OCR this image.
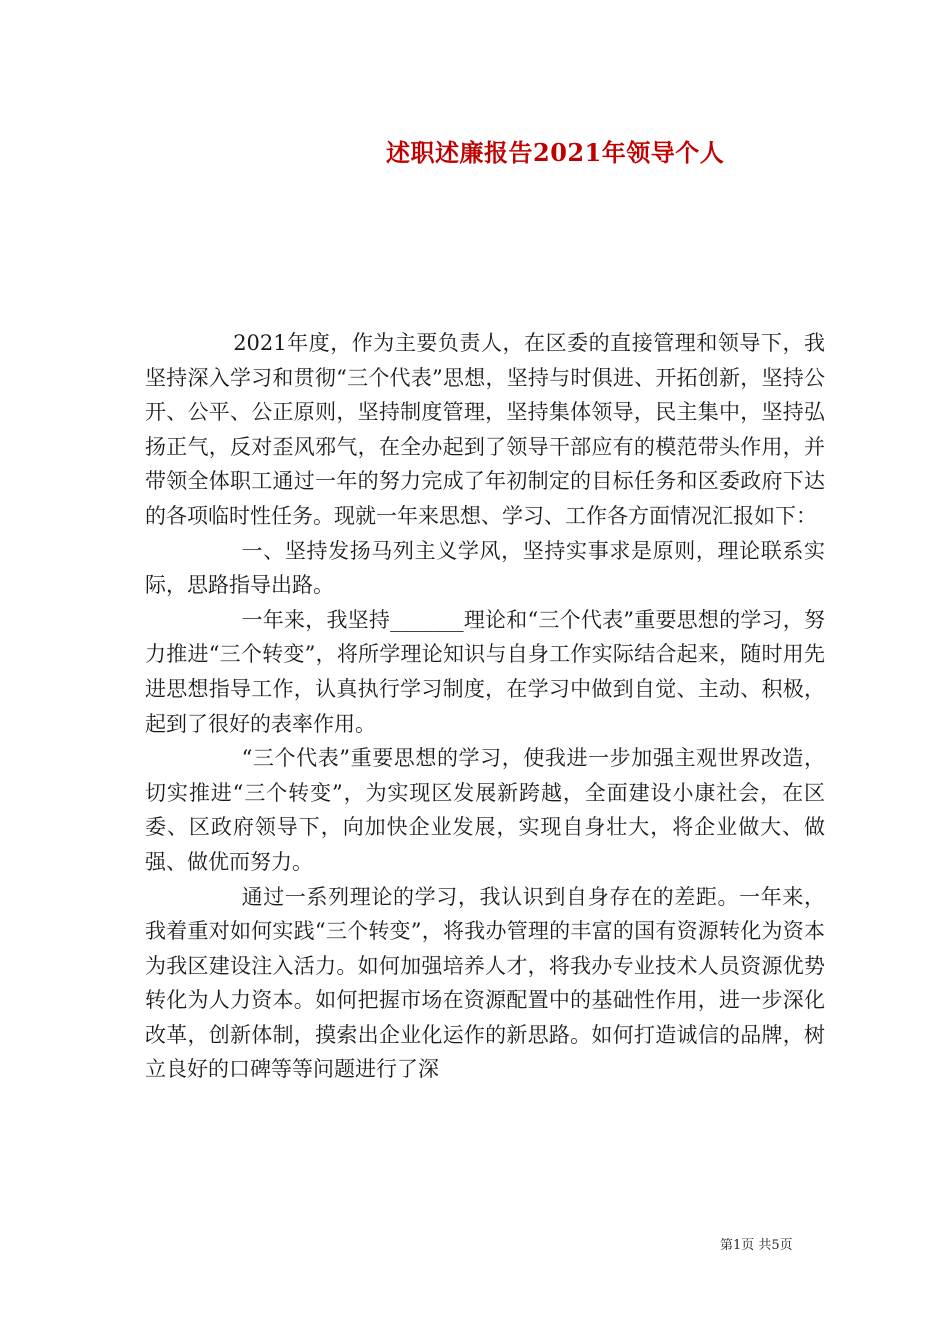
述职述廉报告2021年领导个人

2021年度，作为主要负责人，在区委的直接管理和领导下，我坚持深入学习和贯彻“三个代表”思想，坚持与时俱进、开拓创新，坚持公开、公平、公正原则，坚持制度管理，坚持集体领导，民主集中，坚持弘扬正气，反对歪风邪气，在全办起到了领导干部应有的模范带头作用，并带领全体职工通过一年的努力完成了年初制定的目标任务和区委政府下达的各项临时性任务。现就一年来思想、学习、工作各方面情况汇报如下：

一、坚持发扬马列主义学风，坚持实事求是原则，理论联系实际，思路指导出路。

一年来，我坚持_______理论和“三个代表”重要思想的学习，努力推进“三个转变”，将所学理论知识与自身工作实际结合起来，随时用先进思想指导工作，认真执行学习制度，在学习中做到自觉、主动、积极，起到了很好的表率作用。

“三个代表”重要思想的学习，使我进一步加强主观世界改造，切实推进“三个转变”，为实现区发展新跨越，全面建设小康社会，在区委、区政府领导下，向加快企业发展，实现自身壮大，将企业做大、做强、做优而努力。

通过一系列理论的学习，我认识到自身存在的差距。一年来，我着重对如何实践“三个转变”，将我办管理的丰富的国有资源转化为资本为我区建设注入活力。如何加强培养人才，将我办专业技术人员资源优势转化为人力资本。如何把握市场在资源配置中的基础性作用，进一步深化改革，创新体制，摸索出企业化运作的新思路。如何打造诚信的品牌，树立良好的口碑等等问题进行了深

第1页 共5页
